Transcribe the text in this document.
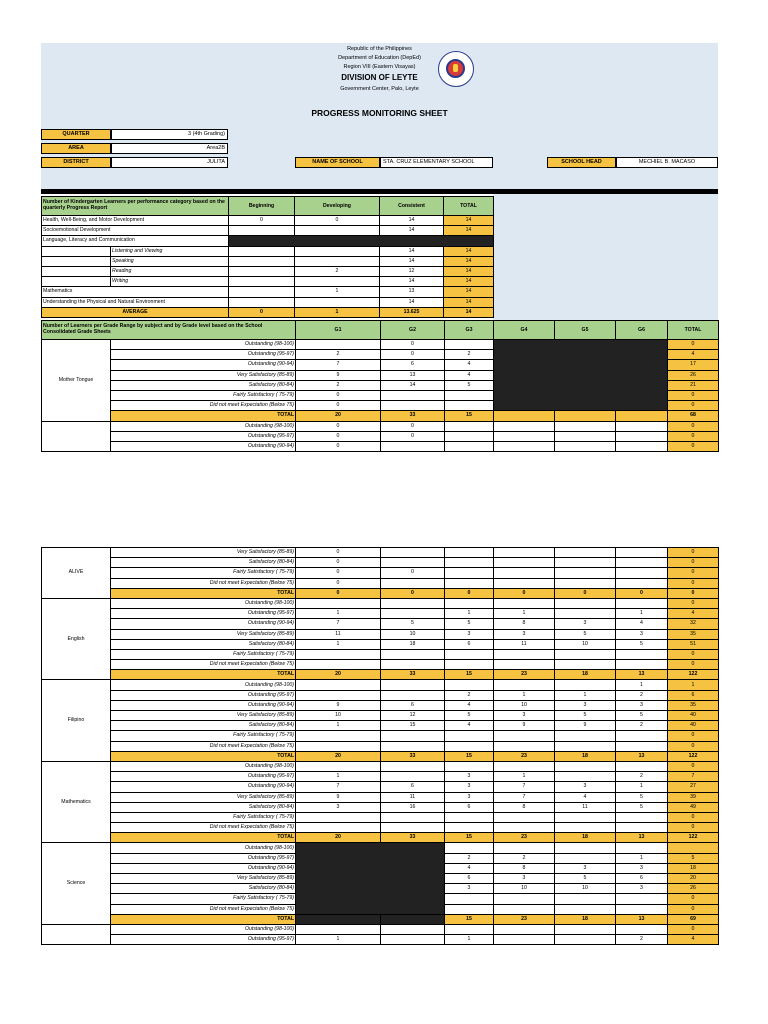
Republic of the Philippines
Department of Education (DepEd)
Region VIII (Eastern Visayas)
DIVISION OF LEYTE
Government Center, Palo, Leyte
PROGRESS MONITORING SHEET
QUARTER	3 (4th Grading)
AREA	Area2B
DISTRICT	JULITA	NAME OF SCHOOL	STA. CRUZ ELEMENTARY SCHOOL	SCHOOL HEAD	MECHIEL B. MACASO
Number of Kindergarten Learners per performance category based on the quarterly Progress Report		Beginning	Developing	Consistent	TOTAL
Health, Well-Being, and Motor Development		0	0	14	14
Socioemotional Development				14	14
Language, Literacy and Communication					
	Listening and Viewing			14	14
	Speaking			14	14
	Reading		2	12	14
	Writing			14	14
Mathematics			1	13	14
Understanding the Physical and Natural Environment				14	14
AVERAGE		0	1	13.625	14
Number of Learners per Grade Range by subject and by Grade level based on the School Consolidated Grade Sheets		G1	G2	G3	G4	G5	G6	TOTAL
Mother Tongue	Outstanding (98-100)		0					0
	Outstanding (95-97)	2	0	2				4
	Outstanding (90-94)	7	6	4				17
	Very Satisfactory (85-89)	9	13	4				26
	Satisfactory (80-84)	2	14	5				21
	Fairly Satisfactory ( 75-79)	0						0
	Did not meet Expectation (Below 75)	0						0
	TOTAL	20	33	15				68
	Outstanding (98-100)	0	0					0
	Outstanding (95-97)	0	0					0
	Outstanding (90-94)	0						0
ALIVE	Very Satisfactory (85-89)	0						0
	Satisfactory (80-84)	0						0
	Fairly Satisfactory ( 75-79)	0	0					0
	Did not meet Expectation (Below 75)	0						0
	TOTAL	0	0	0	0	0	0	0
English	Outstanding (98-100)							0
	Outstanding (95-97)	1		1	1		1	4
	Outstanding (90-94)	7	5	5	8	3	4	32
	Very Satisfactory (85-89)	11	10	3	3	5	3	35
	Satisfactory (80-84)	1	18	6	11	10	5	51
	Fairly Satisfactory ( 75-79)							0
	Did not meet Expectation (Below 75)							0
	TOTAL	20	33	15	23	18	13	122
Filipino	Outstanding (98-100)						1	1
	Outstanding (95-97)			2	1	1	2	6
	Outstanding (90-94)	9	6	4	10	3	3	35
	Very Satisfactory (85-89)	10	12	5	3	5	5	40
	Satisfactory (80-84)	1	15	4	9	9	2	40
	Fairly Satisfactory ( 75-79)							0
	Did not meet Expectation (Below 75)							0
	TOTAL	20	33	15	23	18	13	122
Mathematics	Outstanding (98-100)							0
	Outstanding (95-97)	1		3	1		2	7
	Outstanding (90-94)	7	6	3	7	3	1	27
	Very Satisfactory (85-89)	9	11	3	7	4	5	39
	Satisfactory (80-84)	3	16	6	8	11	5	49
	Fairly Satisfactory ( 75-79)							0
	Did not meet Expectation (Below 75)							0
	TOTAL	20	33	15	23	18	13	122
Science	Outstanding (98-100)							
	Outstanding (95-97)			2	2		1	5
	Outstanding (90-94)			4	8	3	3	18
	Very Satisfactory (85-89)			6	3	5	6	20
	Satisfactory (80-84)			3	10	10	3	26
	Fairly Satisfactory ( 75-79)							0
	Did not meet Expectation (Below 75)							0
	TOTAL			15	23	18	13	69
	Outstanding (98-100)							0
	Outstanding (95-97)	1		1			2	4
